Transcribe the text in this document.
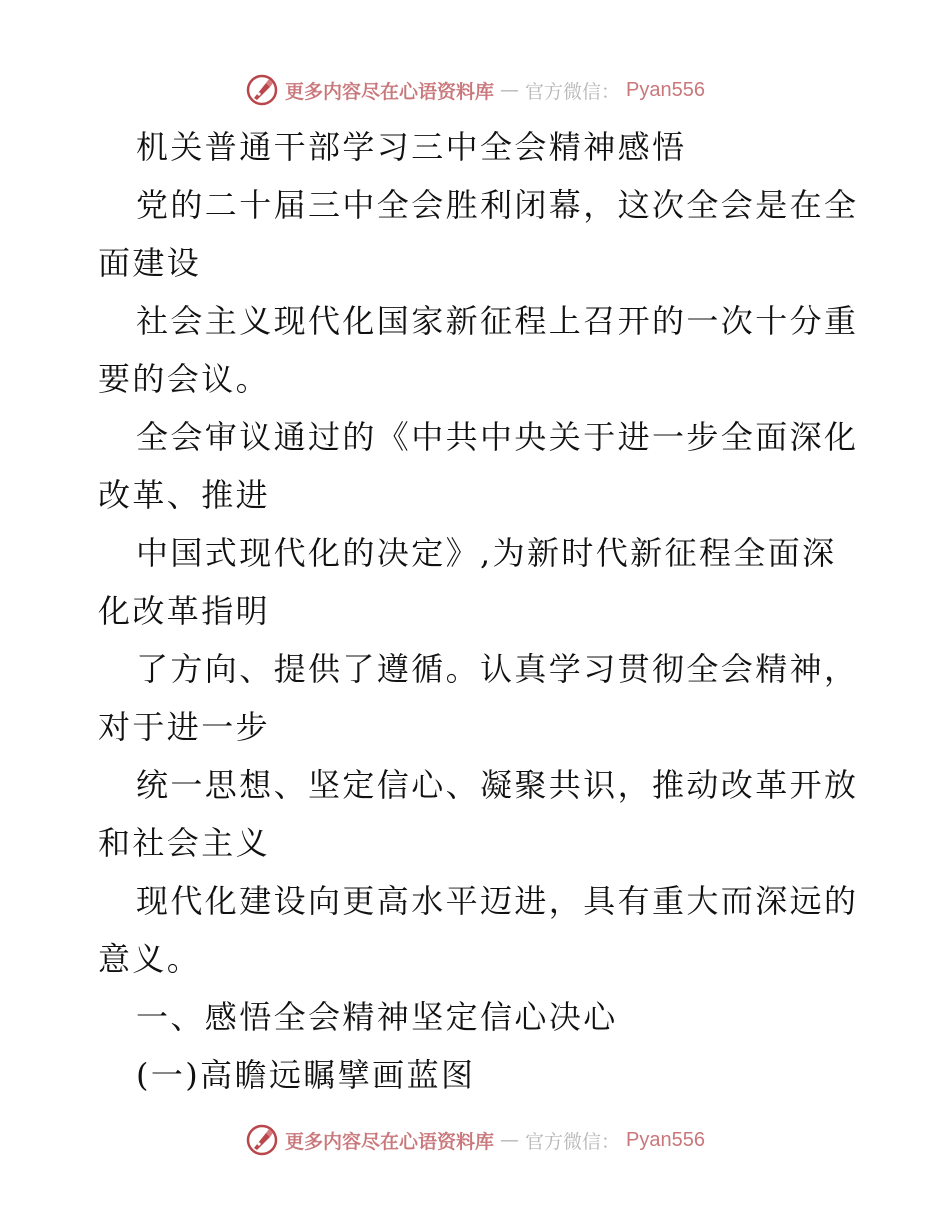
更多内容尽在心语资料库 — 官方微信： Pyan556
机关普通干部学习三中全会精神感悟
党的二十届三中全会胜利闭幕，这次全会是在全
面建设
社会主义现代化国家新征程上召开的一次十分重
要的会议。
全会审议通过的《中共中央关于进一步全面深化
改革、推进
中国式现代化的决定》,为新时代新征程全面深
化改革指明
了方向、提供了遵循。认真学习贯彻全会精神，
对于进一步
统一思想、坚定信心、凝聚共识，推动改革开放
和社会主义
现代化建设向更高水平迈进，具有重大而深远的
意义。
一、感悟全会精神坚定信心决心
(一)高瞻远瞩擘画蓝图
更多内容尽在心语资料库 — 官方微信： Pyan556
